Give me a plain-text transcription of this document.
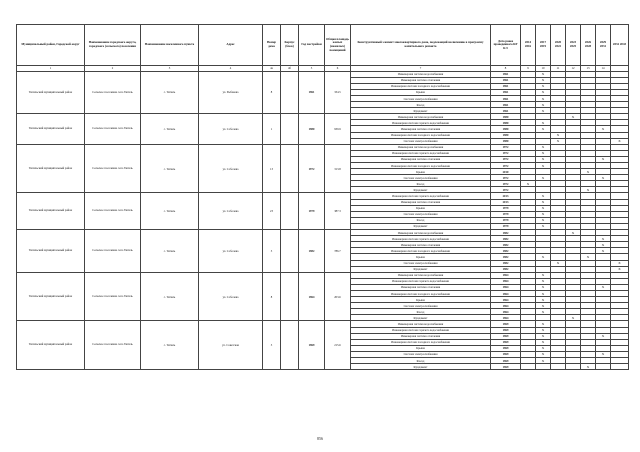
Муниципальный район, Городской округ	Наименование городского округа, городского (сельского) поселения	Наименование населенного пункта	Адрес	Номер дома	Корпус (блок)	Год постройки	Общая площадь жилых (нежилых) помещений	Конструктивный элемент многоквартирного дома, подлежащий включению в программу капитального ремонта	Дата ранее проведенного КР КЭ	2014 2016	2017 2019	2020 2022	2023 2025	2026 2028	2029 2031	2032 2043
1	2	3	4	4а	4б	5	6	7	8	9	10	11	12	13	14	
Тигильский муниципальный район	Сельское поселение село Тигиль	с. Тигиль	ул. Рыбакова	8		1961	334.5	Инженерная система водоснабжения	1961		X					
								Инженерная система отопления	1961		X					
								Инженерная система холодного водоснабжения	1961		X					
								Крыша	1961		X					
								Система электроснабжения	1961		X					
								Фасад	1961		X					
								Фундамент	1961		X					
Тигильский муниципальный район	Сельское поселение село Тигиль	с. Тигиль	ул. Соболева	1		1980	939.9	Инженерная система водоснабжения	1980				X			
								Инженерная система горячего водоснабжения	1980		X					
								Инженерная система отопления	1980		X				X	
								Инженерная система холодного водоснабжения	1980			X				
								Система электроснабжения	1980			X				X
Тигильский муниципальный район	Сельское поселение село Тигиль	с. Тигиль	ул. Соболева	13		1972	313.8	Инженерная система водоснабжения	1972		X					
								Инженерная система горячего водоснабжения	1972		X					
								Инженерная система отопления	1972		X				X	
								Инженерная система холодного водоснабжения	1972		X					
								Крыша	2010					X		
								Система электроснабжения	1972		X				X	
								Фасад	1972	X						
								Фундамент	1972					X		
Тигильский муниципальный район	Сельское поселение село Тигиль	с. Тигиль	ул. Соболева	23		1979	387.3	Инженерная система горячего водоснабжения	2013		X					
								Инженерная система отопления	2013		X					
								Крыша	1979		X					
								Система электроснабжения	1979		X					
								Фасад	1979		X					
								Фундамент	1979		X					
Тигильский муниципальный район	Сельское поселение село Тигиль	с. Тигиль	ул. Соболева	3		1982	786.7	Инженерная система водоснабжения	1982				X			
								Инженерная система горячего водоснабжения	1982						X	
								Инженерная система отопления	1982						X	
								Инженерная система холодного водоснабжения	1982						X	
								Крыша	1982		X			X		
								Система электроснабжения	1982			X				X
								Фундамент	1982							X
Тигильский муниципальный район	Сельское поселение село Тигиль	с. Тигиль	ул. Соболева	8		1964	203.6	Инженерная система водоснабжения	1964		X					
								Инженерная система горячего водоснабжения	1964		X					
								Инженерная система отопления	1964		X				X	
								Инженерная система холодного водоснабжения	1964		X					
								Крыша	1964		X					
								Система электроснабжения	1964		X					
								Фасад	1964		X					
								Фундамент	1964				X			
Тигильский муниципальный район	Сельское поселение село Тигиль	с. Тигиль	ул. Советская	3		1969	215.6	Инженерная система водоснабжения	1969		X					
								Инженерная система горячего водоснабжения	1969		X					
								Инженерная система отопления	1969		X				X	
								Инженерная система холодного водоснабжения	1969		X					
								Крыша	1969		X					
								Система электроснабжения	1969		X				X	
								Фасад	1969		X					
								Фундамент	1969					X		
856
